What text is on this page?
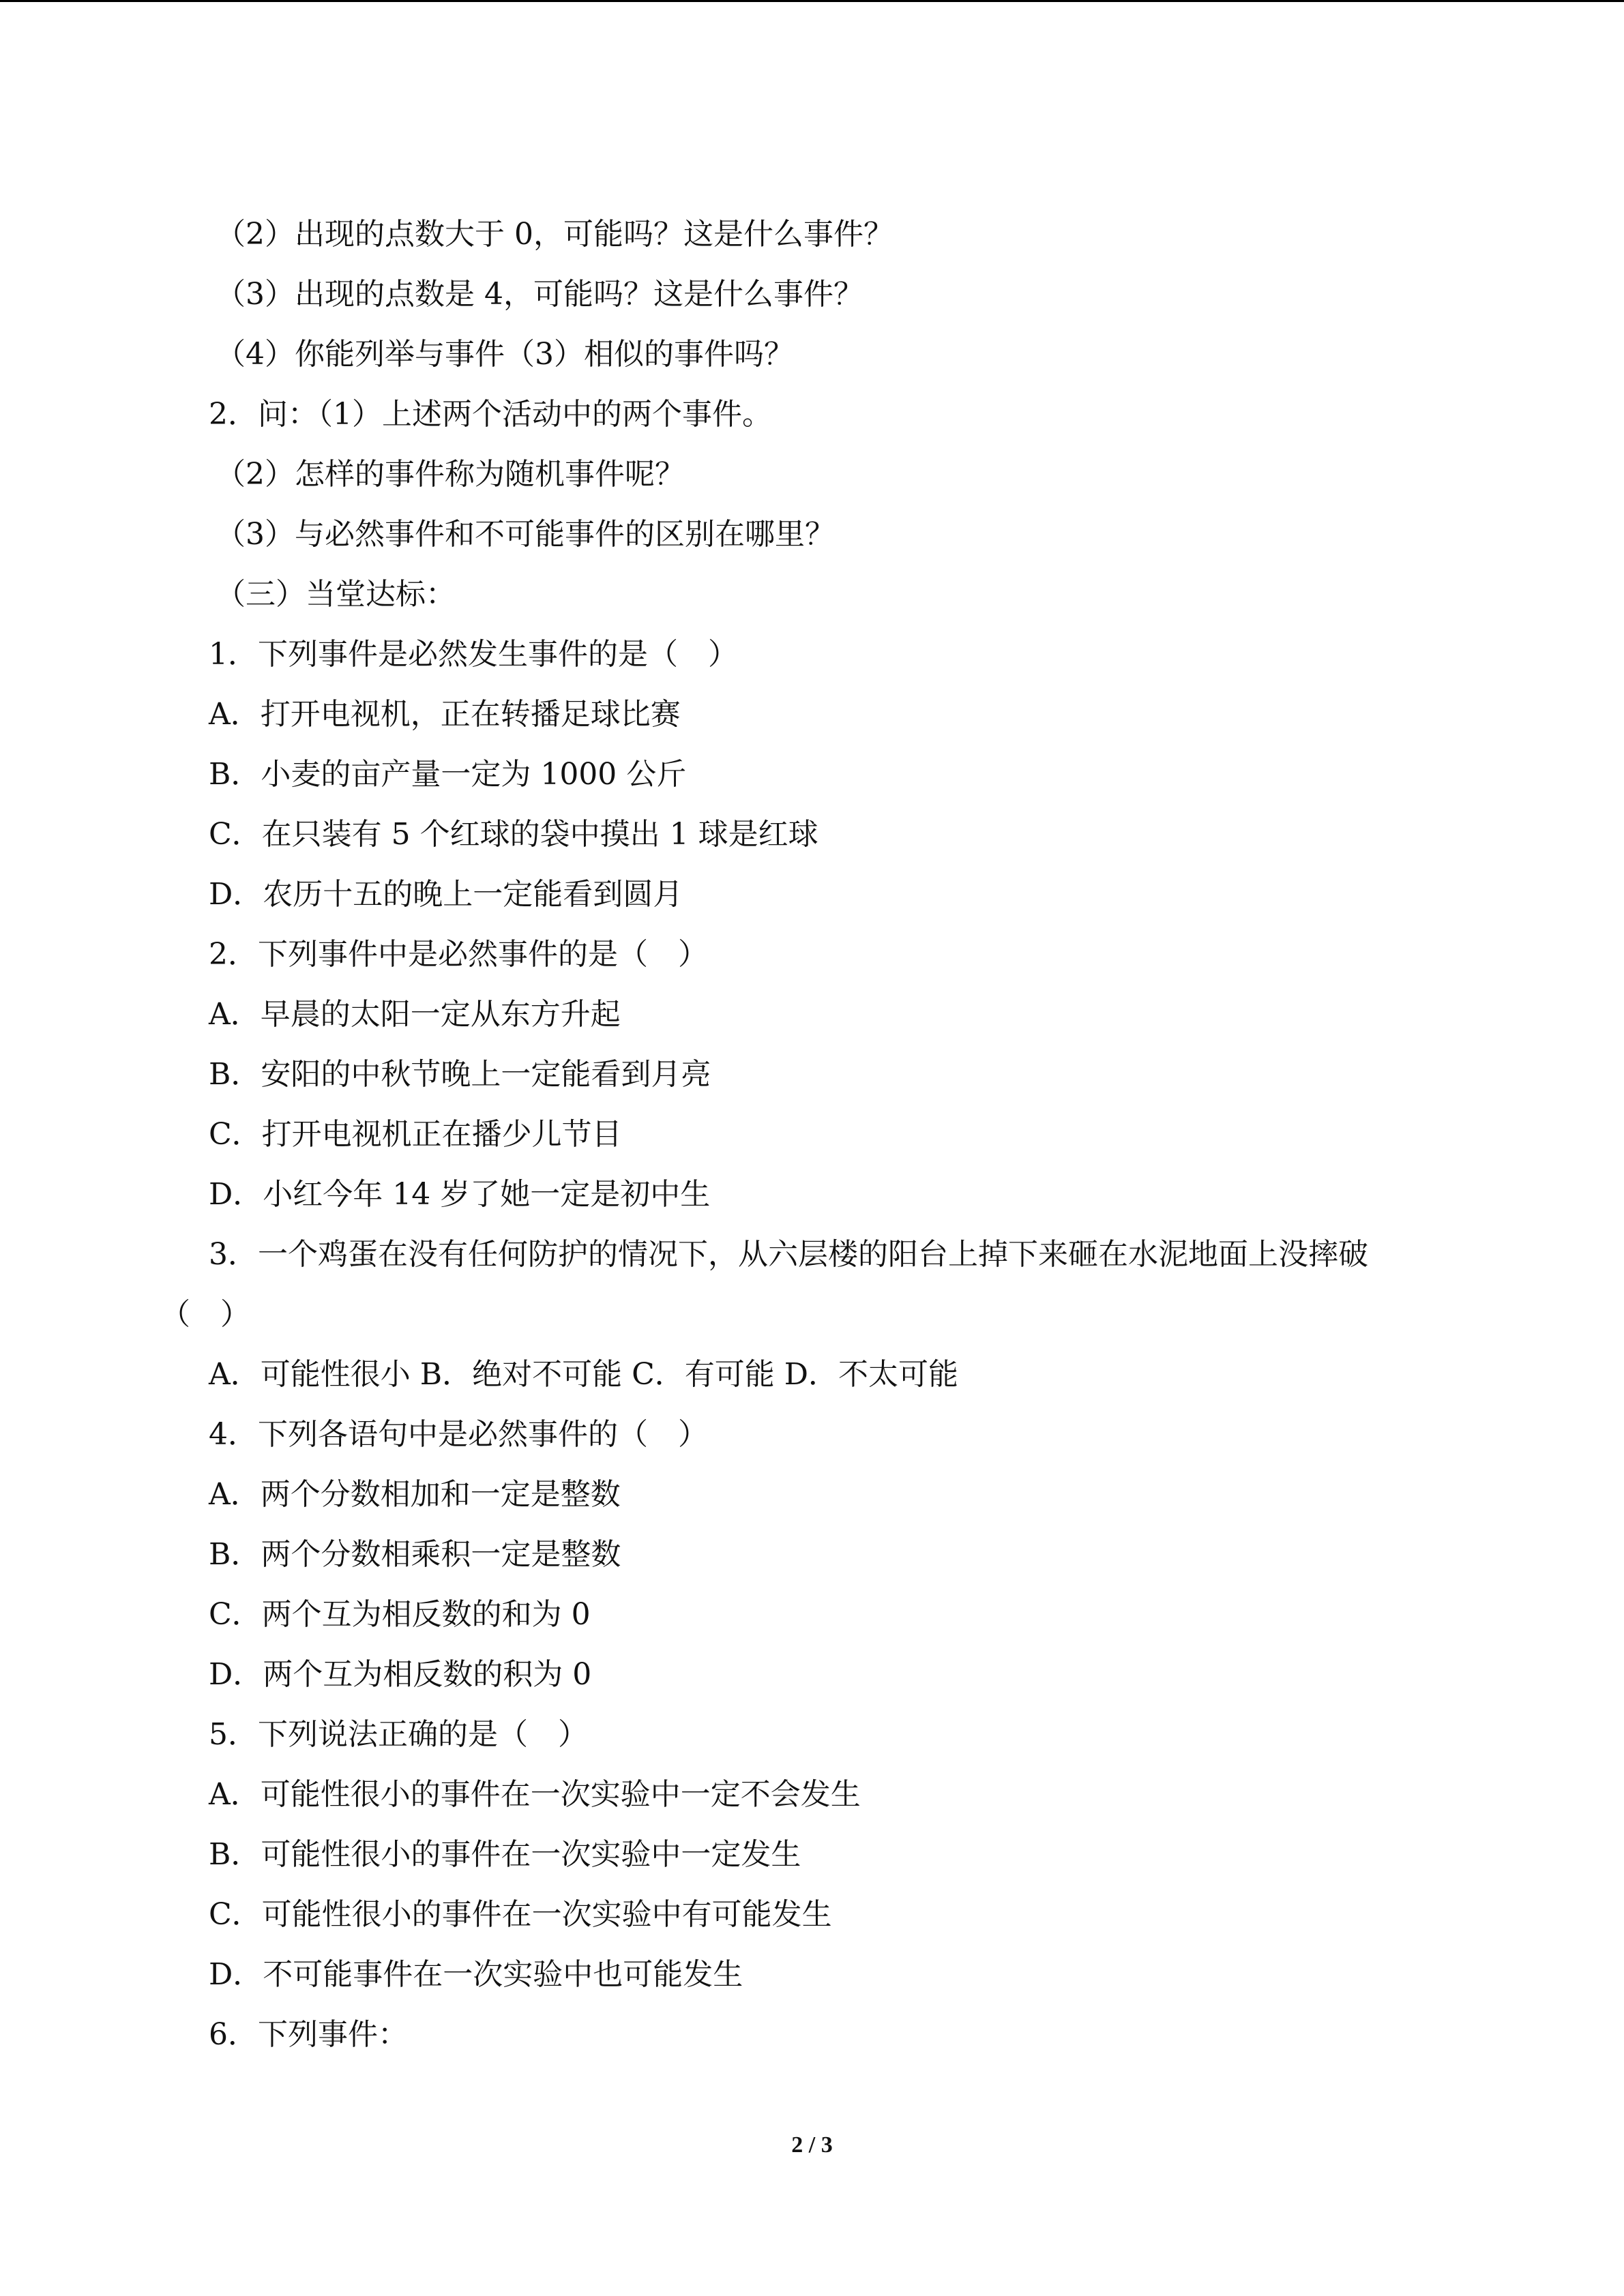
（2）出现的点数大于 0，可能吗？这是什么事件？
（3）出现的点数是 4，可能吗？这是什么事件？
（4）你能列举与事件（3）相似的事件吗？
2．问：（1）上述两个活动中的两个事件。
（2）怎样的事件称为随机事件呢？
（3）与必然事件和不可能事件的区别在哪里？
（三）当堂达标：
1．下列事件是必然发生事件的是（　）
A．打开电视机，正在转播足球比赛
B．小麦的亩产量一定为 1000 公斤
C．在只装有 5 个红球的袋中摸出 1 球是红球
D．农历十五的晚上一定能看到圆月
2．下列事件中是必然事件的是（　）
A．早晨的太阳一定从东方升起
B．安阳的中秋节晚上一定能看到月亮
C．打开电视机正在播少儿节目
D．小红今年 14 岁了她一定是初中生
3．一个鸡蛋在没有任何防护的情况下，从六层楼的阳台上掉下来砸在水泥地面上没摔破
（　）
A．可能性很小 B．绝对不可能 C．有可能 D．不太可能
4．下列各语句中是必然事件的（　）
A．两个分数相加和一定是整数
B．两个分数相乘积一定是整数
C．两个互为相反数的和为 0
D．两个互为相反数的积为 0
5．下列说法正确的是（　）
A．可能性很小的事件在一次实验中一定不会发生
B．可能性很小的事件在一次实验中一定发生
C．可能性很小的事件在一次实验中有可能发生
D．不可能事件在一次实验中也可能发生
6．下列事件：
2 / 3
